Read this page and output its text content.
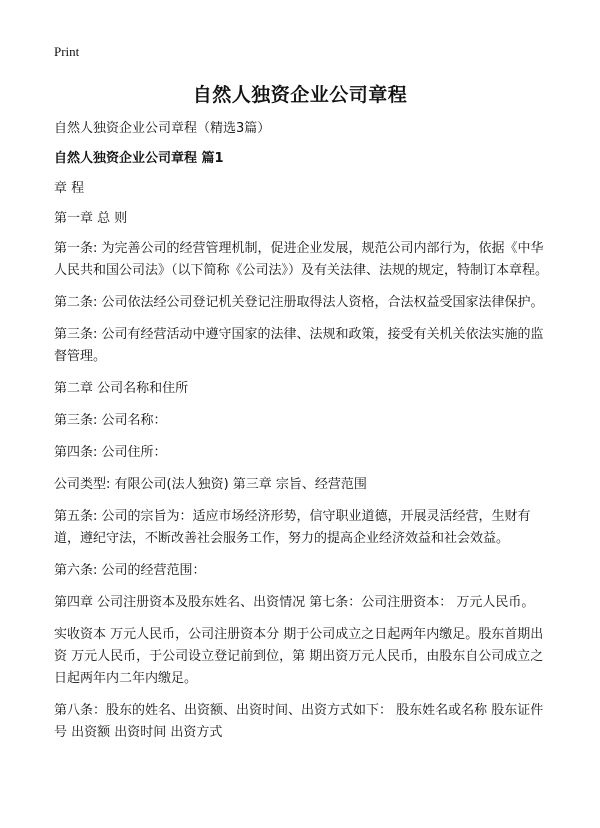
Print
自然人独资企业公司章程

自然人独资企业公司章程（精选3篇）

自然人独资企业公司章程 篇1

章 程

第一章 总 则

第一条: 为完善公司的经营管理机制，促进企业发展，规范公司内部行为，依据《中华人民共和国公司法》（以下简称《公司法》）及有关法律、法规的规定，特制订本章程。

第二条: 公司依法经公司登记机关登记注册取得法人资格，合法权益受国家法律保护。

第三条: 公司有经营活动中遵守国家的法律、法规和政策，接受有关机关依法实施的监督管理。

第二章 公司名称和住所

第三条: 公司名称：

第四条: 公司住所：

公司类型: 有限公司(法人独资) 第三章 宗旨、经营范围

第五条: 公司的宗旨为：适应市场经济形势，信守职业道德，开展灵活经营，生财有道，遵纪守法，不断改善社会服务工作，努力的提高企业经济效益和社会效益。

第六条: 公司的经营范围：

第四章 公司注册资本及股东姓名、出资情况 第七条：公司注册资本： 万元人民币。

实收资本 万元人民币，公司注册资本分 期于公司成立之日起两年内缴足。股东首期出资 万元人民币，于公司设立登记前到位，第 期出资万元人民币，由股东自公司成立之日起两年内二年内缴足。

第八条：股东的姓名、出资额、出资时间、出资方式如下： 股东姓名或名称 股东证件号 出资额 出资时间 出资方式
